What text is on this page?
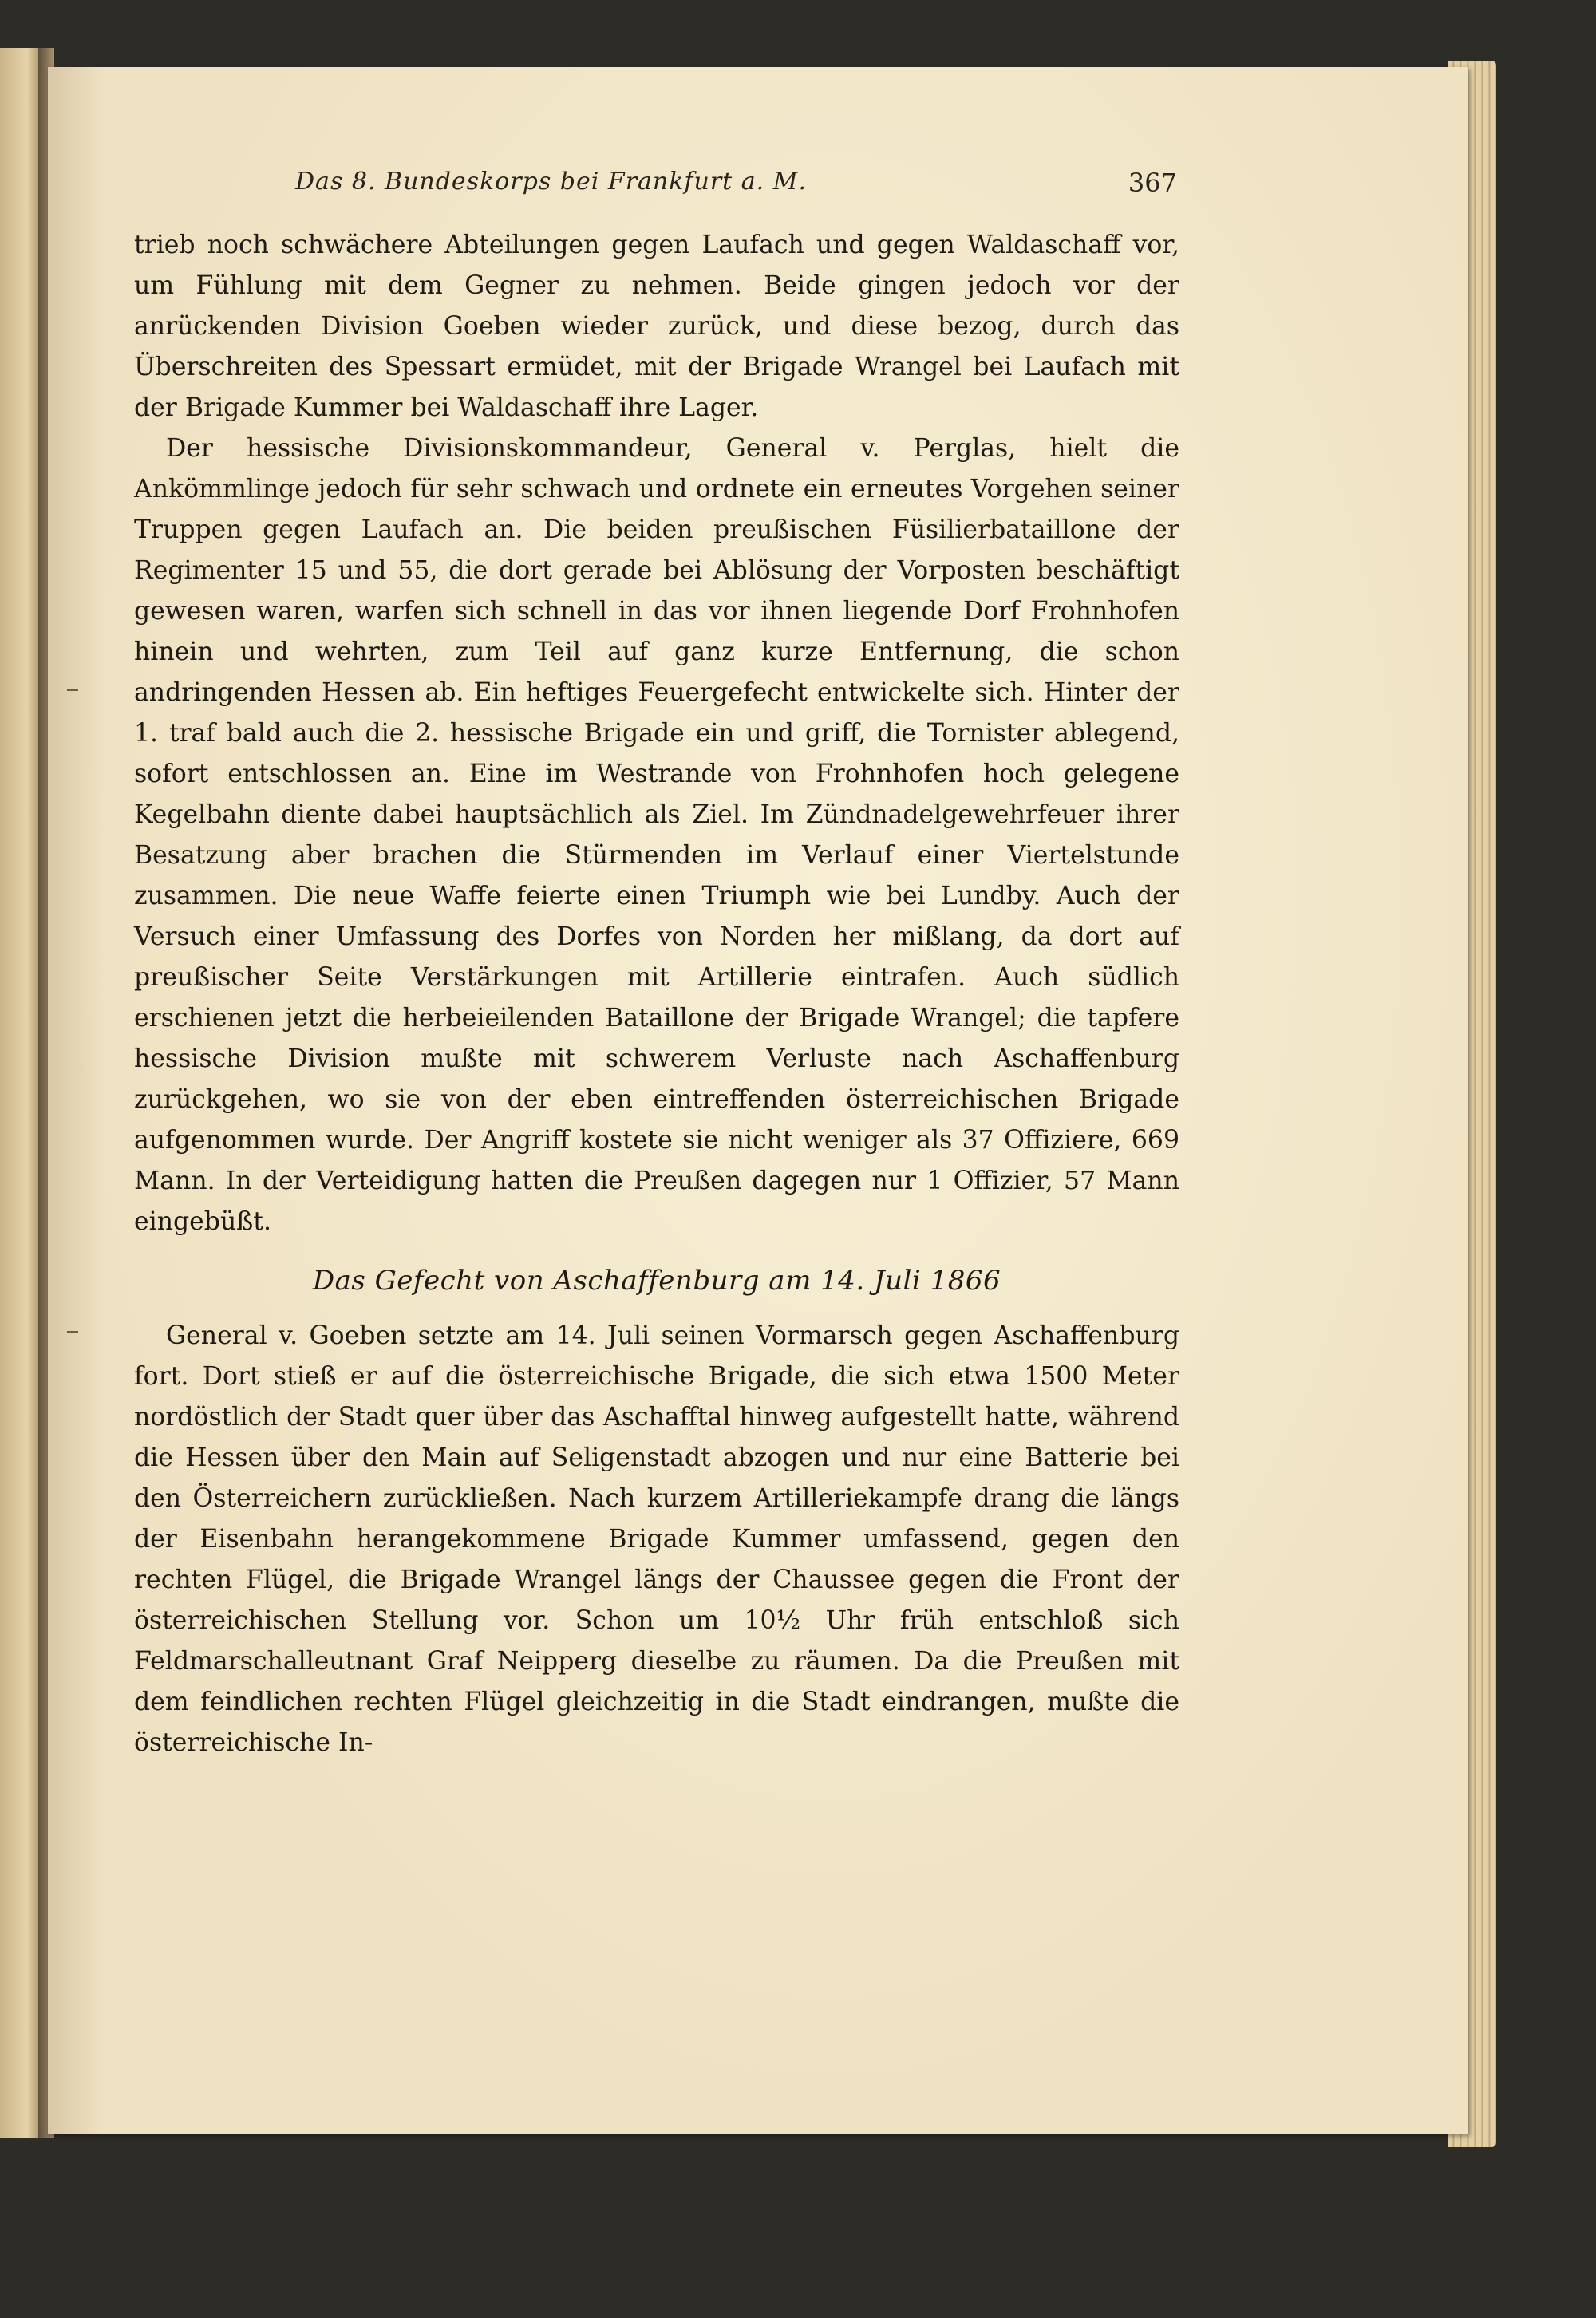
Das 8. Bundeskorps bei Frankfurt a. M.	367

trieb noch schwächere Abteilungen gegen Laufach und gegen Waldaschaff vor, um Fühlung mit dem Gegner zu nehmen. Beide gingen jedoch vor der anrückenden Division Goeben wieder zurück, und diese bezog, durch das Überschreiten des Spessart ermüdet, mit der Brigade Wrangel bei Laufach mit der Brigade Kummer bei Waldaschaff ihre Lager.

Der hessische Divisionskommandeur, General v. Perglas, hielt die Ankömmlinge jedoch für sehr schwach und ordnete ein erneutes Vorgehen seiner Truppen gegen Laufach an. Die beiden preußischen Füsilierbataillone der Regimenter 15 und 55, die dort gerade bei Ablösung der Vorposten beschäftigt gewesen waren, warfen sich schnell in das vor ihnen liegende Dorf Frohnhofen hinein und wehrten, zum Teil auf ganz kurze Entfernung, die schon andringenden Hessen ab. Ein heftiges Feuergefecht entwickelte sich. Hinter der 1. traf bald auch die 2. hessische Brigade ein und griff, die Tornister ablegend, sofort entschlossen an. Eine im Westrande von Frohnhofen hoch gelegene Kegelbahn diente dabei hauptsächlich als Ziel. Im Zündnadelgewehrfeuer ihrer Besatzung aber brachen die Stürmenden im Verlauf einer Viertelstunde zusammen. Die neue Waffe feierte einen Triumph wie bei Lundby. Auch der Versuch einer Umfassung des Dorfes von Norden her mißlang, da dort auf preußischer Seite Verstärkungen mit Artillerie eintrafen. Auch südlich erschienen jetzt die herbeieilenden Bataillone der Brigade Wrangel; die tapfere hessische Division mußte mit schwerem Verluste nach Aschaffenburg zurückgehen, wo sie von der eben eintreffenden österreichischen Brigade aufgenommen wurde. Der Angriff kostete sie nicht weniger als 37 Offiziere, 669 Mann. In der Verteidigung hatten die Preußen dagegen nur 1 Offizier, 57 Mann eingebüßt.

Das Gefecht von Aschaffenburg am 14. Juli 1866

General v. Goeben setzte am 14. Juli seinen Vormarsch gegen Aschaffenburg fort. Dort stieß er auf die österreichische Brigade, die sich etwa 1500 Meter nordöstlich der Stadt quer über das Aschafftal hinweg aufgestellt hatte, während die Hessen über den Main auf Seligenstadt abzogen und nur eine Batterie bei den Österreichern zurückließen. Nach kurzem Artilleriekampfe drang die längs der Eisenbahn herangekommene Brigade Kummer umfassend, gegen den rechten Flügel, die Brigade Wrangel längs der Chaussee gegen die Front der österreichischen Stellung vor. Schon um 10½ Uhr früh entschloß sich Feldmarschalleutnant Graf Neipperg dieselbe zu räumen. Da die Preußen mit dem feindlichen rechten Flügel gleichzeitig in die Stadt eindrangen, mußte die österreichische In-
